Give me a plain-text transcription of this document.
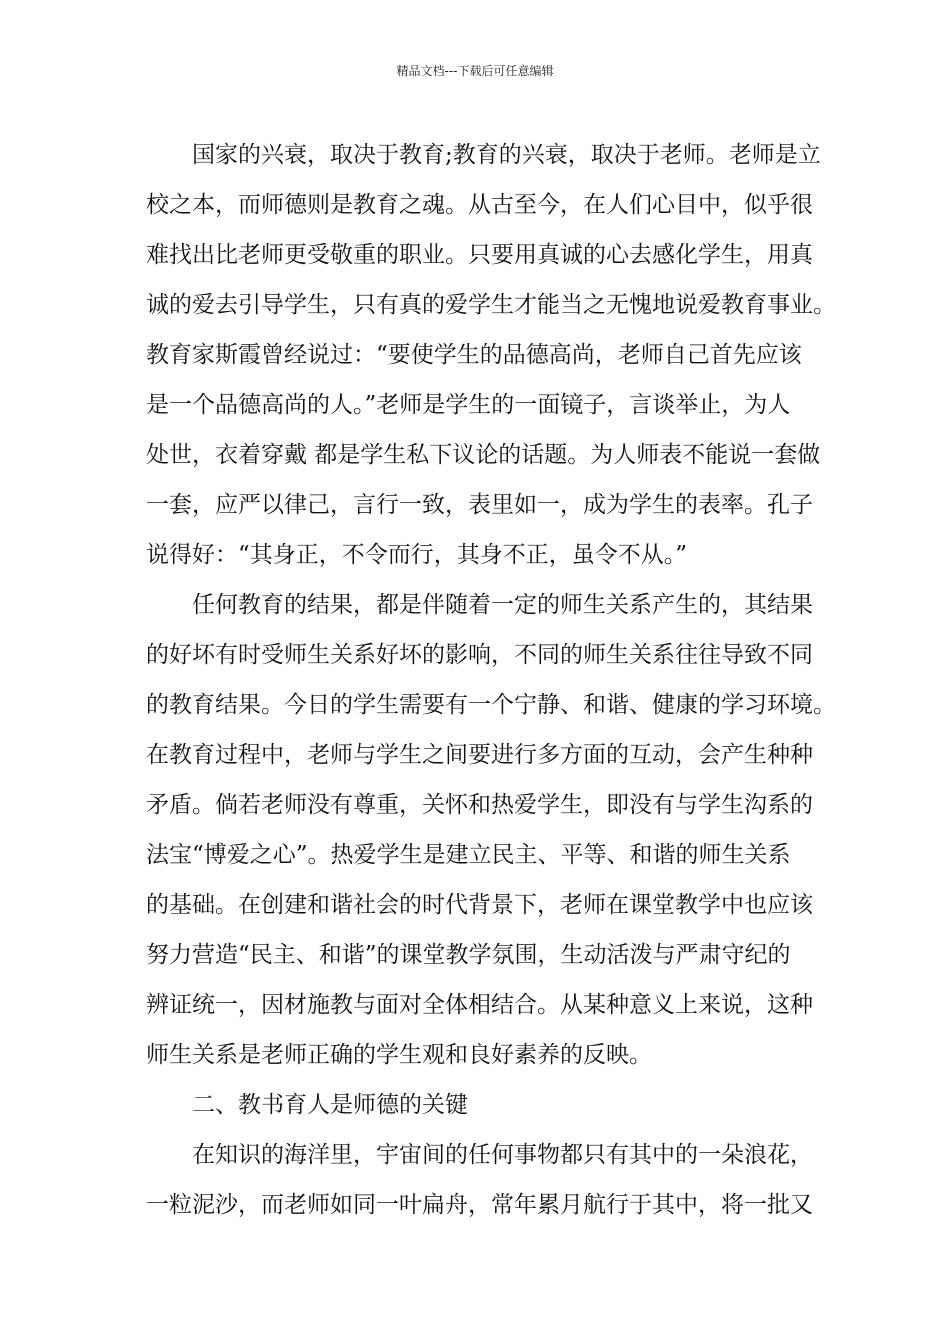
精品文档---下载后可任意编辑
国家的兴衰，取决于教育;教育的兴衰，取决于老师。老师是立
校之本，而师德则是教育之魂。从古至今，在人们心目中，似乎很
难找出比老师更受敬重的职业。只要用真诚的心去感化学生，用真
诚的爱去引导学生，只有真的爱学生才能当之无愧地说爱教育事业。
教育家斯霞曾经说过：“要使学生的品德高尚，老师自己首先应该
是一个品德高尚的人。”老师是学生的一面镜子，言谈举止，为人
处世，衣着穿戴 都是学生私下议论的话题。为人师表不能说一套做
一套，应严以律己，言行一致，表里如一，成为学生的表率。孔子
说得好：“其身正，不令而行，其身不正，虽令不从。”
任何教育的结果，都是伴随着一定的师生关系产生的，其结果
的好坏有时受师生关系好坏的影响，不同的师生关系往往导致不同
的教育结果。今日的学生需要有一个宁静、和谐、健康的学习环境。
在教育过程中，老师与学生之间要进行多方面的互动，会产生种种
矛盾。倘若老师没有尊重，关怀和热爱学生，即没有与学生沟系的
法宝“博爱之心”。热爱学生是建立民主、平等、和谐的师生关系
的基础。在创建和谐社会的时代背景下，老师在课堂教学中也应该
努力营造“民主、和谐”的课堂教学氛围，生动活泼与严肃守纪的
辨证统一，因材施教与面对全体相结合。从某种意义上来说，这种
师生关系是老师正确的学生观和良好素养的反映。
二、教书育人是师德的关键
在知识的海洋里，宇宙间的任何事物都只有其中的一朵浪花，
一粒泥沙，而老师如同一叶扁舟，常年累月航行于其中，将一批又
